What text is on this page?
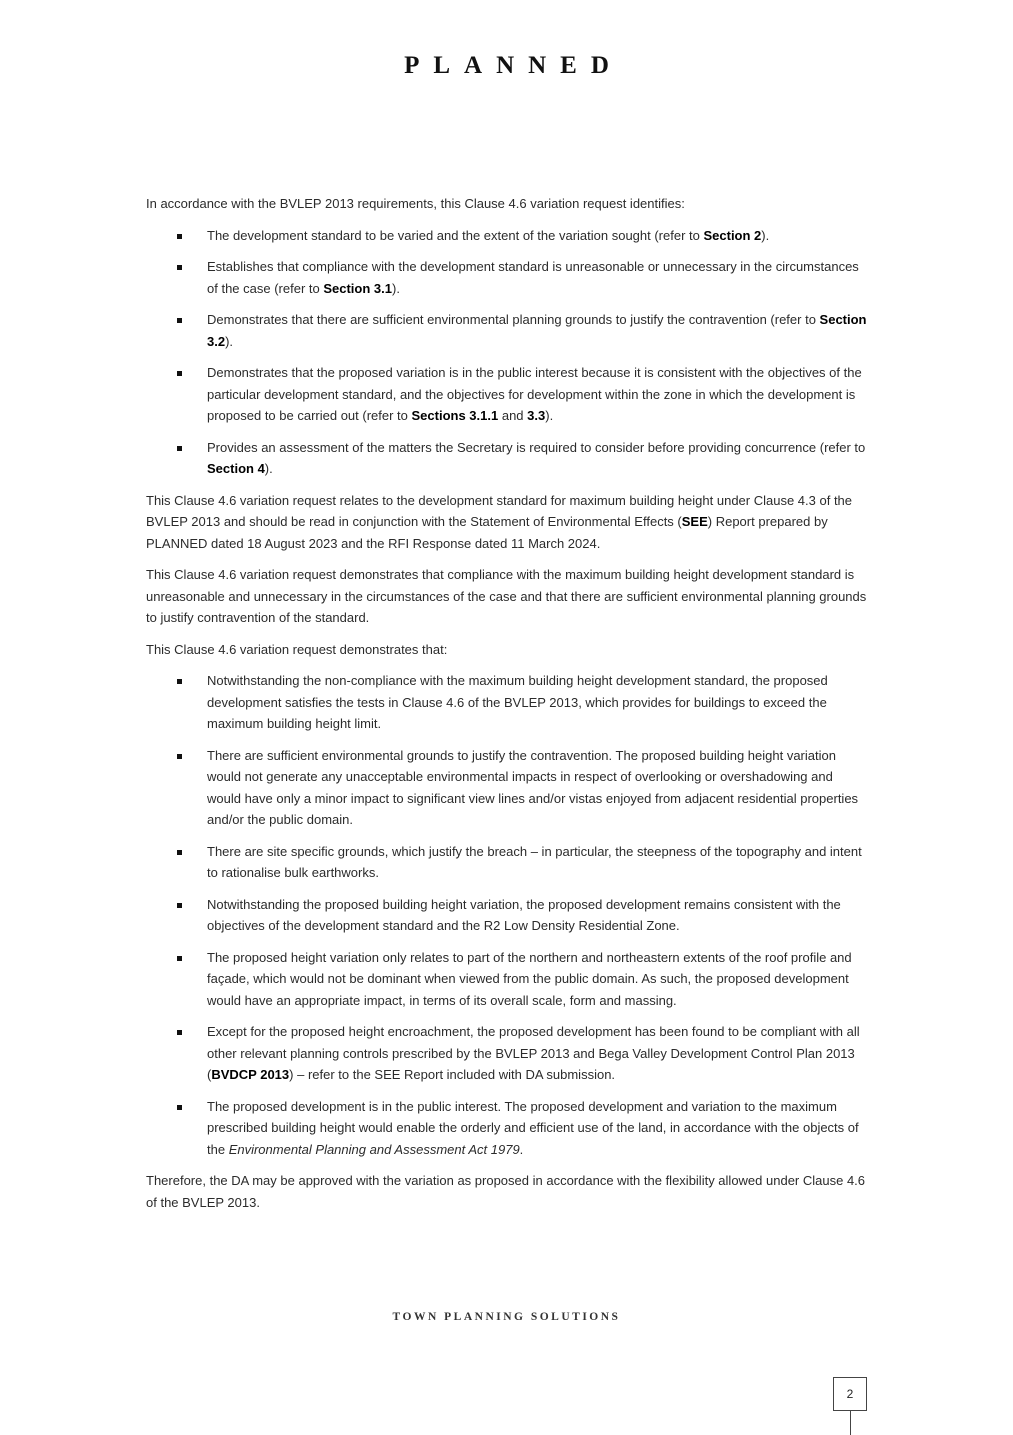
PLANNED

In accordance with the BVLEP 2013 requirements, this Clause 4.6 variation request identifies:

The development standard to be varied and the extent of the variation sought (refer to Section 2).
Establishes that compliance with the development standard is unreasonable or unnecessary in the circumstances of the case (refer to Section 3.1).
Demonstrates that there are sufficient environmental planning grounds to justify the contravention (refer to Section 3.2).
Demonstrates that the proposed variation is in the public interest because it is consistent with the objectives of the particular development standard, and the objectives for development within the zone in which the development is proposed to be carried out (refer to Sections 3.1.1 and 3.3).
Provides an assessment of the matters the Secretary is required to consider before providing concurrence (refer to Section 4).

This Clause 4.6 variation request relates to the development standard for maximum building height under Clause 4.3 of the BVLEP 2013 and should be read in conjunction with the Statement of Environmental Effects (SEE) Report prepared by PLANNED dated 18 August 2023 and the RFI Response dated 11 March 2024.

This Clause 4.6 variation request demonstrates that compliance with the maximum building height development standard is unreasonable and unnecessary in the circumstances of the case and that there are sufficient environmental planning grounds to justify contravention of the standard.

This Clause 4.6 variation request demonstrates that:

Notwithstanding the non-compliance with the maximum building height development standard, the proposed development satisfies the tests in Clause 4.6 of the BVLEP 2013, which provides for buildings to exceed the maximum building height limit.
There are sufficient environmental grounds to justify the contravention. The proposed building height variation would not generate any unacceptable environmental impacts in respect of overlooking or overshadowing and would have only a minor impact to significant view lines and/or vistas enjoyed from adjacent residential properties and/or the public domain.
There are site specific grounds, which justify the breach – in particular, the steepness of the topography and intent to rationalise bulk earthworks.
Notwithstanding the proposed building height variation, the proposed development remains consistent with the objectives of the development standard and the R2 Low Density Residential Zone.
The proposed height variation only relates to part of the northern and northeastern extents of the roof profile and façade, which would not be dominant when viewed from the public domain. As such, the proposed development would have an appropriate impact, in terms of its overall scale, form and massing.
Except for the proposed height encroachment, the proposed development has been found to be compliant with all other relevant planning controls prescribed by the BVLEP 2013 and Bega Valley Development Control Plan 2013 (BVDCP 2013) – refer to the SEE Report included with DA submission.
The proposed development is in the public interest. The proposed development and variation to the maximum prescribed building height would enable the orderly and efficient use of the land, in accordance with the objects of the Environmental Planning and Assessment Act 1979.

Therefore, the DA may be approved with the variation as proposed in accordance with the flexibility allowed under Clause 4.6 of the BVLEP 2013.

TOWN PLANNING SOLUTIONS
2
